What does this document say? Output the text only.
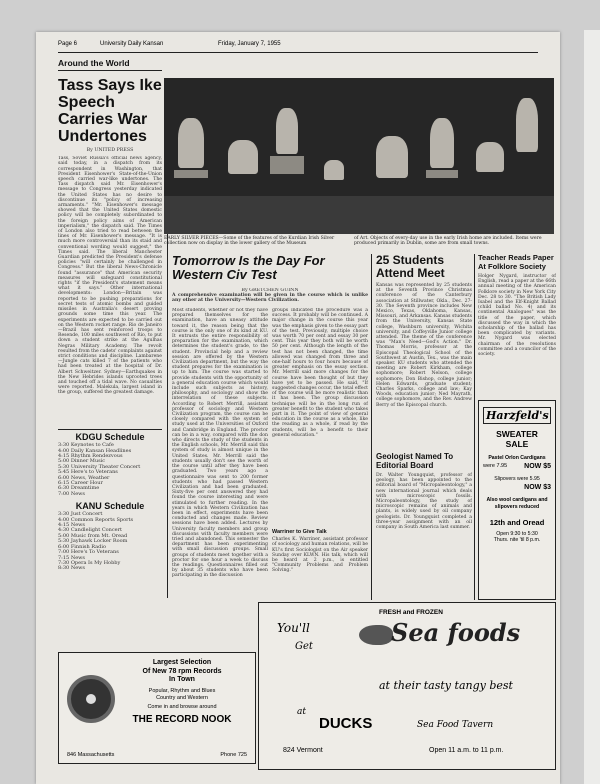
Page 6	University Daily Kansan	Friday, January 7, 1955
Around the World
Tass Says Ike Speech Carries War Undertones
By UNITED PRESS
Tass, Soviet Russia's official news agency, said today, in a dispatch from its correspondent in Washington, that President Eisenhower's State-of-the-Union speech carried war-like undertones. The Tass dispatch said Mr. Eisenhower's message to Congress yesterday indicated the United States has no desire to discontinue its "policy of increasing armaments." "Mr. Eisenhower's message showed that the United States domestic policy will be completely subordinated to the foreign policy aims of American imperialism," the dispatch said. The Times of London also tried to read between the lines of Mr. Eisenhower's message. "It is much more controversial than its staid and conventional wording would suggest," the Times said. The liberal Manchester Guardian predicted the President's defense policies "will certainly be challenged in Congress." But the liberal News-Chronicle found "assurance" that American security measures will safeguard constitutional rights "if the President's statement means what it says." Other international developments: London—Britain was reported to be pushing preparations for secret tests of atomic bombs and guided missiles in Australia's desert proving grounds some time this year. The experiments are expected to be carried out on the Western rocket range. Rio de Janeiro—Brazil has sent reinforced troops to Resende, 100 miles southwest of Rio, to put down a student strike at the Agulhas Negras Military Academy. The revolt resulted from the cadets' complaints against strict conditions and discipline. Lambarene—Jungle cats killed 7 of the patients who had been treated at the hospital of Dr. Albert Schweitzer. Sydney—Earthquakes in the New Hebrides islands uprooted trees and touched off a tidal wave. No casualties were reported. Malekula, largest island in the group, suffered the greatest damage.
KDGU Schedule

3:30 Keynotes to Cafe

4:00 Daily Kansan Headlines

4:15 Rhythm Rendezvous

5:00 Dinner Music

5:30 University Theater Concert

5:45 Here's to Veterans

6:00 News, Weather

6:15 Career Hour

6:30 Dreamtime

7:00 News

KANU Schedule

3:30 Just Concert

4:00 Common Reports Sports

4:15 News

4:30 Candlelight Concert

5:00 Music from Mt. Oread

5:30 Jayhawk Locker Room

6:00 Finnish Radio

7:00 Here's To Veterans

7:15 News

7:30 Opera Is My Hobby

8:30 News

EARLY SILVER PIECES—Some of the features of the Kurdian Irish Silver collection now on display in the lower gallery of the Museum
of Art. Objects of every-day use in the early Irish home are included. Items were produced primarily in Dublin, some are from small towns.
Tomorrow Is the Day For Western Civ Test
By GRETCHEN GUINN
A comprehensive examination will be given in the course which is unlike any other at the University—Western Civilization.
Most students, whether or not they have prepared themselves for the examination, have an uneasy attitude toward it, the reason being that the course is the only one of its kind at KU. It entrusts the entire responsibility of preparation for the examination, which determines the student's grade, to the student. Provincial help and a review session are offered by the Western Civilization department, but the way the student prepares for the examination is up to him. The course was started to provide students with the opportunity of a general education course which would include such subjects as history, philosophy, and sociology and show the interrelation of these subjects. According to Robert Merrill, assistant professor of sociology and Western Civilization program, the course can be closely compared with the system of study used at the Universities of Oxford and Cambridge in England. The proctor can be in a way, compared with the don who directs the study of the students in the English schools, Mr. Merrill said this system of study is almost unique in the United States. Mr. Merrill said the students usually don't see the worth of the course until after they have been graduated. Two years ago a questionnaire was sent to 200 former students who had passed Western Civilization and had been graduated. Sixty-five per cent answered they had found the course interesting and were stimulated to further reading. In the years in which Western Civilization has been in effect, experiments have been conducted and changes made. Review sessions have been added. Lectures by University faculty members and group discussions with faculty members were tried and abandoned. This semester the department has been experimenting with small discussion groups. Small groups of students meet together with a proctor for one hour a week to discuss the readings. Questionnaires filled out by about 35 students who have been participating in the discussion
groups indicated the procedure was a success. It probably will be continued. A major change in the course this year was the emphasis given to the essay part of the test. Previously, multiple choice was worth 70 per cent and essay 30 per cent. This year they both will be worth 50 per cent. Although the length of the test has not been changed, the time allowed was changed from three and one-half hours to four hours because of greater emphasis on the essay section. Mr. Merrill said more changes for the course have been thought of but they have yet to be passed. He said, "If suggested changes occur, the total effect of the course will be more realistic than it has been. The group discussion technique will be in the long run of greater benefit to the student who takes part in it. The point of view of general education in the course as a whole, like the reading as a whole, if read by the students, will be a benefit to their general education."
Warriner to Give Talk
Charles K. Warriner, assistant professor of sociology and human relations, will be KU's first Sociologist on the Air speaker Sunday over KLWN. His talk, which will be heard at 2 p.m., is entitled "Community Problems and Problem Solving."
25 Students Attend Meet
Kansas was represented by 25 students at the Seventh Province Christmas conference of the Canterbury association at Stillwater, Okla., Dec. 27-30. The Seventh province includes New Mexico, Texas, Oklahoma, Kansas, Missouri, and Arkansas. Kansas students from the University, Kansas State college, Washburn university, Wichita university, and Coffeyville Junior college attended. The theme of the conference was "Man's Need—God's Action." Dr. Thomas Morris, professor at the Episcopal Theological School of the Southwest at Austin, Tex., was the main speaker. KU students who attended the meeting are Robert Kirkham, college sophomore; Robert Nelson, college sophomore; Don Bishop, college junior; Helen Edwards, graduate student; Charles Sparks, college and law; Kay Woods, education junior; Ned Mayrath, college sophomore, and the Rev. Andrew Berry of the Episcopal church.
Geologist Named To Editorial Board
Dr. Walter Youngquist, professor of geology, has been appointed to the editorial board of "Micropaleontology," a new international journal which deals with microscopic fossils. Micropaleontology, the study of microscopic remains of animals and plants, is widely used by oil company geologists. Dr. Youngquist completed a three-year assignment with an oil company in South America last summer.
Teacher Reads Paper At Folklore Society
Holger Nygard, instructor of English, read a paper at the 66th annual meeting of the American Folklore society in New York City Dec. 28 to 30. "The British Lady Isabel and the Elf-Knight Ballad (child ballad No. 4) and its continental Analogues" was the title of the paper, which discussed the way in which the scholarship of the ballad has been complicated by variants. Mr. Nygard was elected chairman of the resolutions committee and a councilor of the society.
Harzfeld's
SWEATER SALE
Pastel Orlon Cardigans
were 7.95 NOW $5
Slipovers were 5.95
NOW $3
Also wool cardigans and slipovers reduced
12th and Oread
Open 9:30 to 5:30
Thurs. nite 'til 8 p.m.
Largest Selection
Of New 78 rpm Records
In Town
Popular, Rhythm and Blues
Country and Western
Come in and browse around
THE RECORD NOOK
846 Massachusetts	Phone 725
You'll
Get
FRESH and FROZEN
Sea foods
at their tasty tangy best
at
DUCKS	Sea Food Tavern
824 Vermont	Open 11 a.m. to 11 p.m.
